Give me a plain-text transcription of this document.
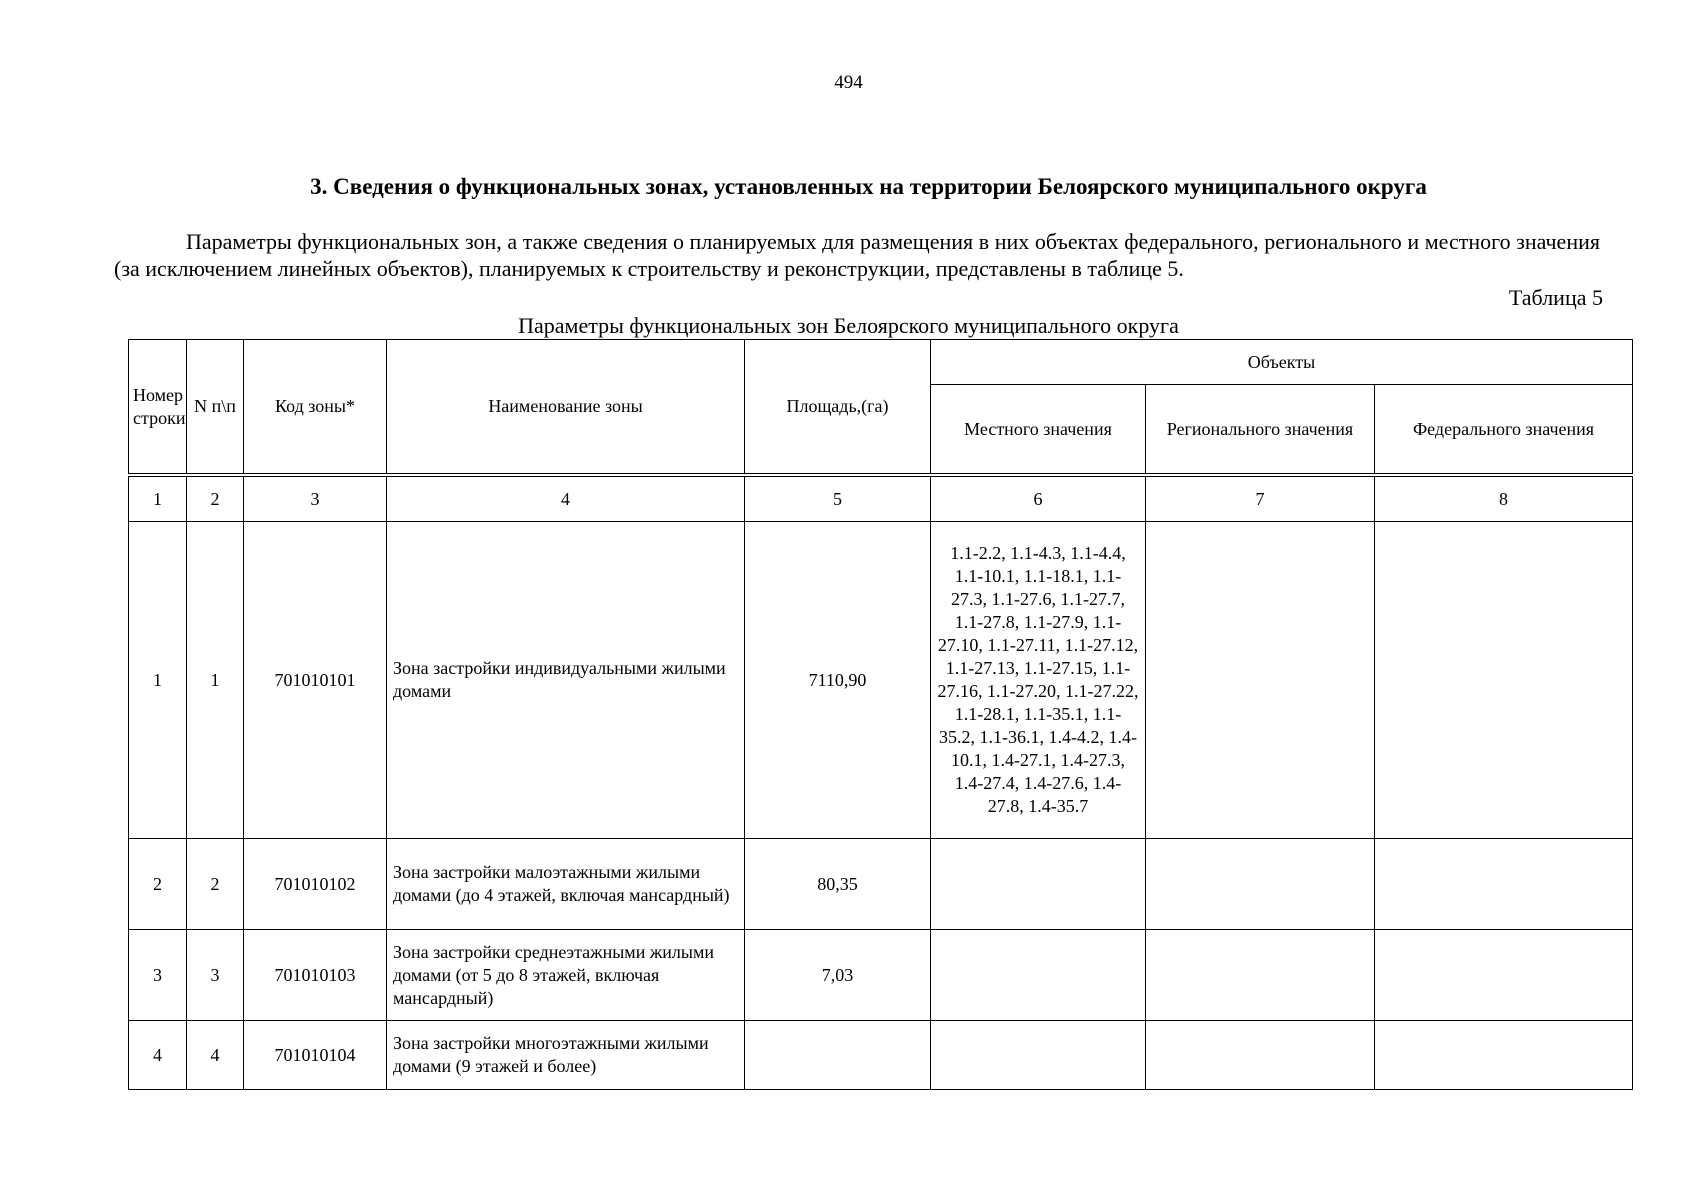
494
3. Сведения о функциональных зонах, установленных на территории Белоярского муниципального округа

Параметры функциональных зон, а также сведения о планируемых для размещения в них объектах федерального, регионального и местного значения (за исключением линейных объектов), планируемых к строительству и реконструкции, представлены в таблице 5.

Таблица 5
Параметры функциональных зон Белоярского муниципального округа
Номер строки	N п\п	Код зоны*	Наименование зоны	Площадь,(га)	Объекты		
					Местного значения	Регионального значения	Федерального значения
1	2	3	4	5	6	7	8
1	1	701010101	Зона застройки индивидуальными жилыми домами	7110,90	1.1-2.2, 1.1-4.3, 1.1-4.4, 1.1-10.1, 1.1-18.1, 1.1-27.3, 1.1-27.6, 1.1-27.7, 1.1-27.8, 1.1-27.9, 1.1-27.10, 1.1-27.11, 1.1-27.12, 1.1-27.13, 1.1-27.15, 1.1-27.16, 1.1-27.20, 1.1-27.22, 1.1-28.1, 1.1-35.1, 1.1-35.2, 1.1-36.1, 1.4-4.2, 1.4-10.1, 1.4-27.1, 1.4-27.3, 1.4-27.4, 1.4-27.6, 1.4-27.8, 1.4-35.7		
2	2	701010102	Зона застройки малоэтажными жилыми домами (до 4 этажей, включая мансардный)	80,35			
3	3	701010103	Зона застройки среднеэтажными жилыми домами (от 5 до 8 этажей, включая мансардный)	7,03			
4	4	701010104	Зона застройки многоэтажными жилыми домами (9 этажей и более)				
